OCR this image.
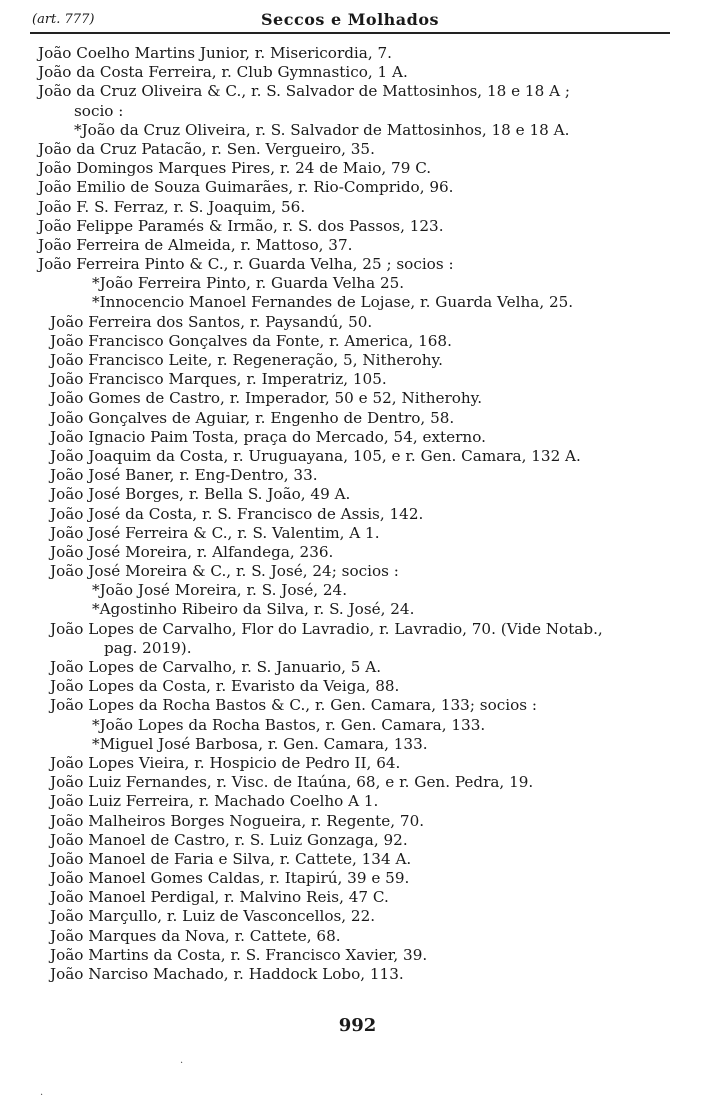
(art. 777)	Seccos e Molhados
João Coelho Martins Junior, r. Misericordia, 7.
João da Costa Ferreira, r. Club Gymnastico, 1 A.
João da Cruz Oliveira & C., r. S. Salvador de Mattosinhos, 18 e 18 A ;
socio :
*João da Cruz Oliveira, r. S. Salvador de Mattosinhos, 18 e 18 A.
João da Cruz Patacão, r. Sen. Vergueiro, 35.
João Domingos Marques Pires, r. 24 de Maio, 79 C.
João Emilio de Souza Guimarães, r. Rio-Comprido, 96.
João F. S. Ferraz, r. S. Joaquim, 56.
João Felippe Paramés & Irmão, r. S. dos Passos, 123.
João Ferreira de Almeida, r. Mattoso, 37.
João Ferreira Pinto & C., r. Guarda Velha, 25 ; socios :
*João Ferreira Pinto, r. Guarda Velha 25.
*Innocencio Manoel Fernandes de Lojase, r. Guarda Velha, 25.
João Ferreira dos Santos, r. Paysandú, 50.
João Francisco Gonçalves da Fonte, r. America, 168.
João Francisco Leite, r. Regeneração, 5, Nitherohy.
João Francisco Marques, r. Imperatriz, 105.
João Gomes de Castro, r. Imperador, 50 e 52, Nitherohy.
João Gonçalves de Aguiar, r. Engenho de Dentro, 58.
João Ignacio Paim Tosta, praça do Mercado, 54, externo.
João Joaquim da Costa, r. Uruguayana, 105, e r. Gen. Camara, 132 A.
João José Baner, r. Eng-Dentro, 33.
João José Borges, r. Bella S. João, 49 A.
João José da Costa, r. S. Francisco de Assis, 142.
João José Ferreira & C., r. S. Valentim, A 1.
João José Moreira, r. Alfandega, 236.
João José Moreira & C., r. S. José, 24; socios :
*João José Moreira, r. S. José, 24.
*Agostinho Ribeiro da Silva, r. S. José, 24.
João Lopes de Carvalho, Flor do Lavradio, r. Lavradio, 70. (Vide Notab.,
pag. 2019).
João Lopes de Carvalho, r. S. Januario, 5 A.
João Lopes da Costa, r. Evaristo da Veiga, 88.
João Lopes da Rocha Bastos & C., r. Gen. Camara, 133; socios :
*João Lopes da Rocha Bastos, r. Gen. Camara, 133.
*Miguel José Barbosa, r. Gen. Camara, 133.
João Lopes Vieira, r. Hospicio de Pedro II, 64.
João Luiz Fernandes, r. Visc. de Itaúna, 68, e r. Gen. Pedra, 19.
João Luiz Ferreira, r. Machado Coelho A 1.
João Malheiros Borges Nogueira, r. Regente, 70.
João Manoel de Castro, r. S. Luiz Gonzaga, 92.
João Manoel de Faria e Silva, r. Cattete, 134 A.
João Manoel Gomes Caldas, r. Itapirú, 39 e 59.
João Manoel Perdigal, r. Malvino Reis, 47 C.
João Marçullo, r. Luiz de Vasconcellos, 22.
João Marques da Nova, r. Cattete, 68.
João Martins da Costa, r. S. Francisco Xavier, 39.
João Narciso Machado, r. Haddock Lobo, 113.
992
·
·
